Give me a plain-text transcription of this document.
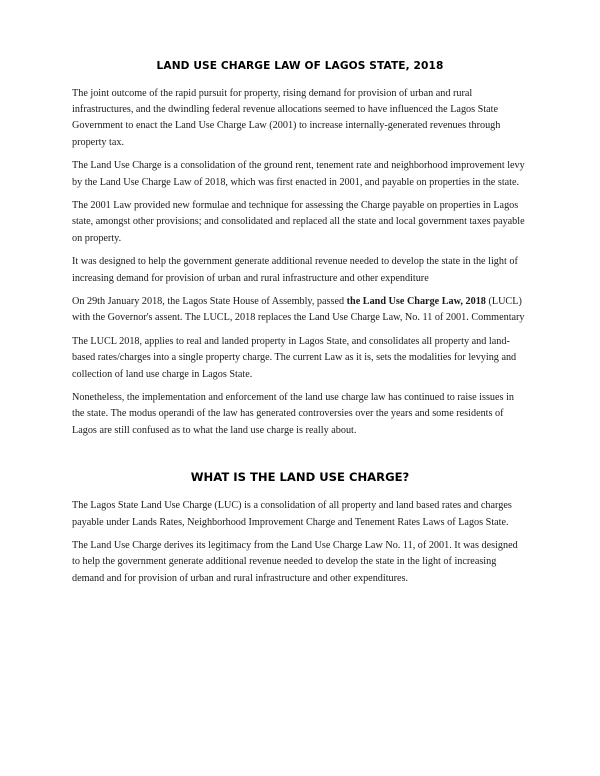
LAND USE CHARGE LAW OF LAGOS STATE, 2018

The joint outcome of the rapid pursuit for property, rising demand for provision of urban and rural infrastructures, and the dwindling federal revenue allocations seemed to have influenced the Lagos State Government to enact the Land Use Charge Law (2001) to increase internally-generated revenues through property tax.

The Land Use Charge is a consolidation of the ground rent, tenement rate and neighborhood improvement levy by the Land Use Charge Law of 2018, which was first enacted in 2001, and payable on properties in the state.

The 2001 Law provided new formulae and technique for assessing the Charge payable on properties in Lagos state, amongst other provisions; and consolidated and replaced all the state and local government taxes payable on property.

It was designed to help the government generate additional revenue needed to develop the state in the light of increasing demand for provision of urban and rural infrastructure and other expenditure

On 29th January 2018, the Lagos State House of Assembly, passed the Land Use Charge Law, 2018 (LUCL) with the Governor's assent. The LUCL, 2018 replaces the Land Use Charge Law, No. 11 of 2001. Commentary

The LUCL 2018, applies to real and landed property in Lagos State, and consolidates all property and land-based rates/charges into a single property charge. The current Law as it is, sets the modalities for levying and collection of land use charge in Lagos State.

Nonetheless, the implementation and enforcement of the land use charge law has continued to raise issues in the state. The modus operandi of the law has generated controversies over the years and some residents of Lagos are still confused as to what the land use charge is really about.

WHAT IS THE LAND USE CHARGE?

The Lagos State Land Use Charge (LUC) is a consolidation of all property and land based rates and charges payable under Lands Rates, Neighborhood Improvement Charge and Tenement Rates Laws of Lagos State.

The Land Use Charge derives its legitimacy from the Land Use Charge Law No. 11, of 2001. It was designed to help the government generate additional revenue needed to develop the state in the light of increasing demand and for provision of urban and rural infrastructure and other expenditures.
